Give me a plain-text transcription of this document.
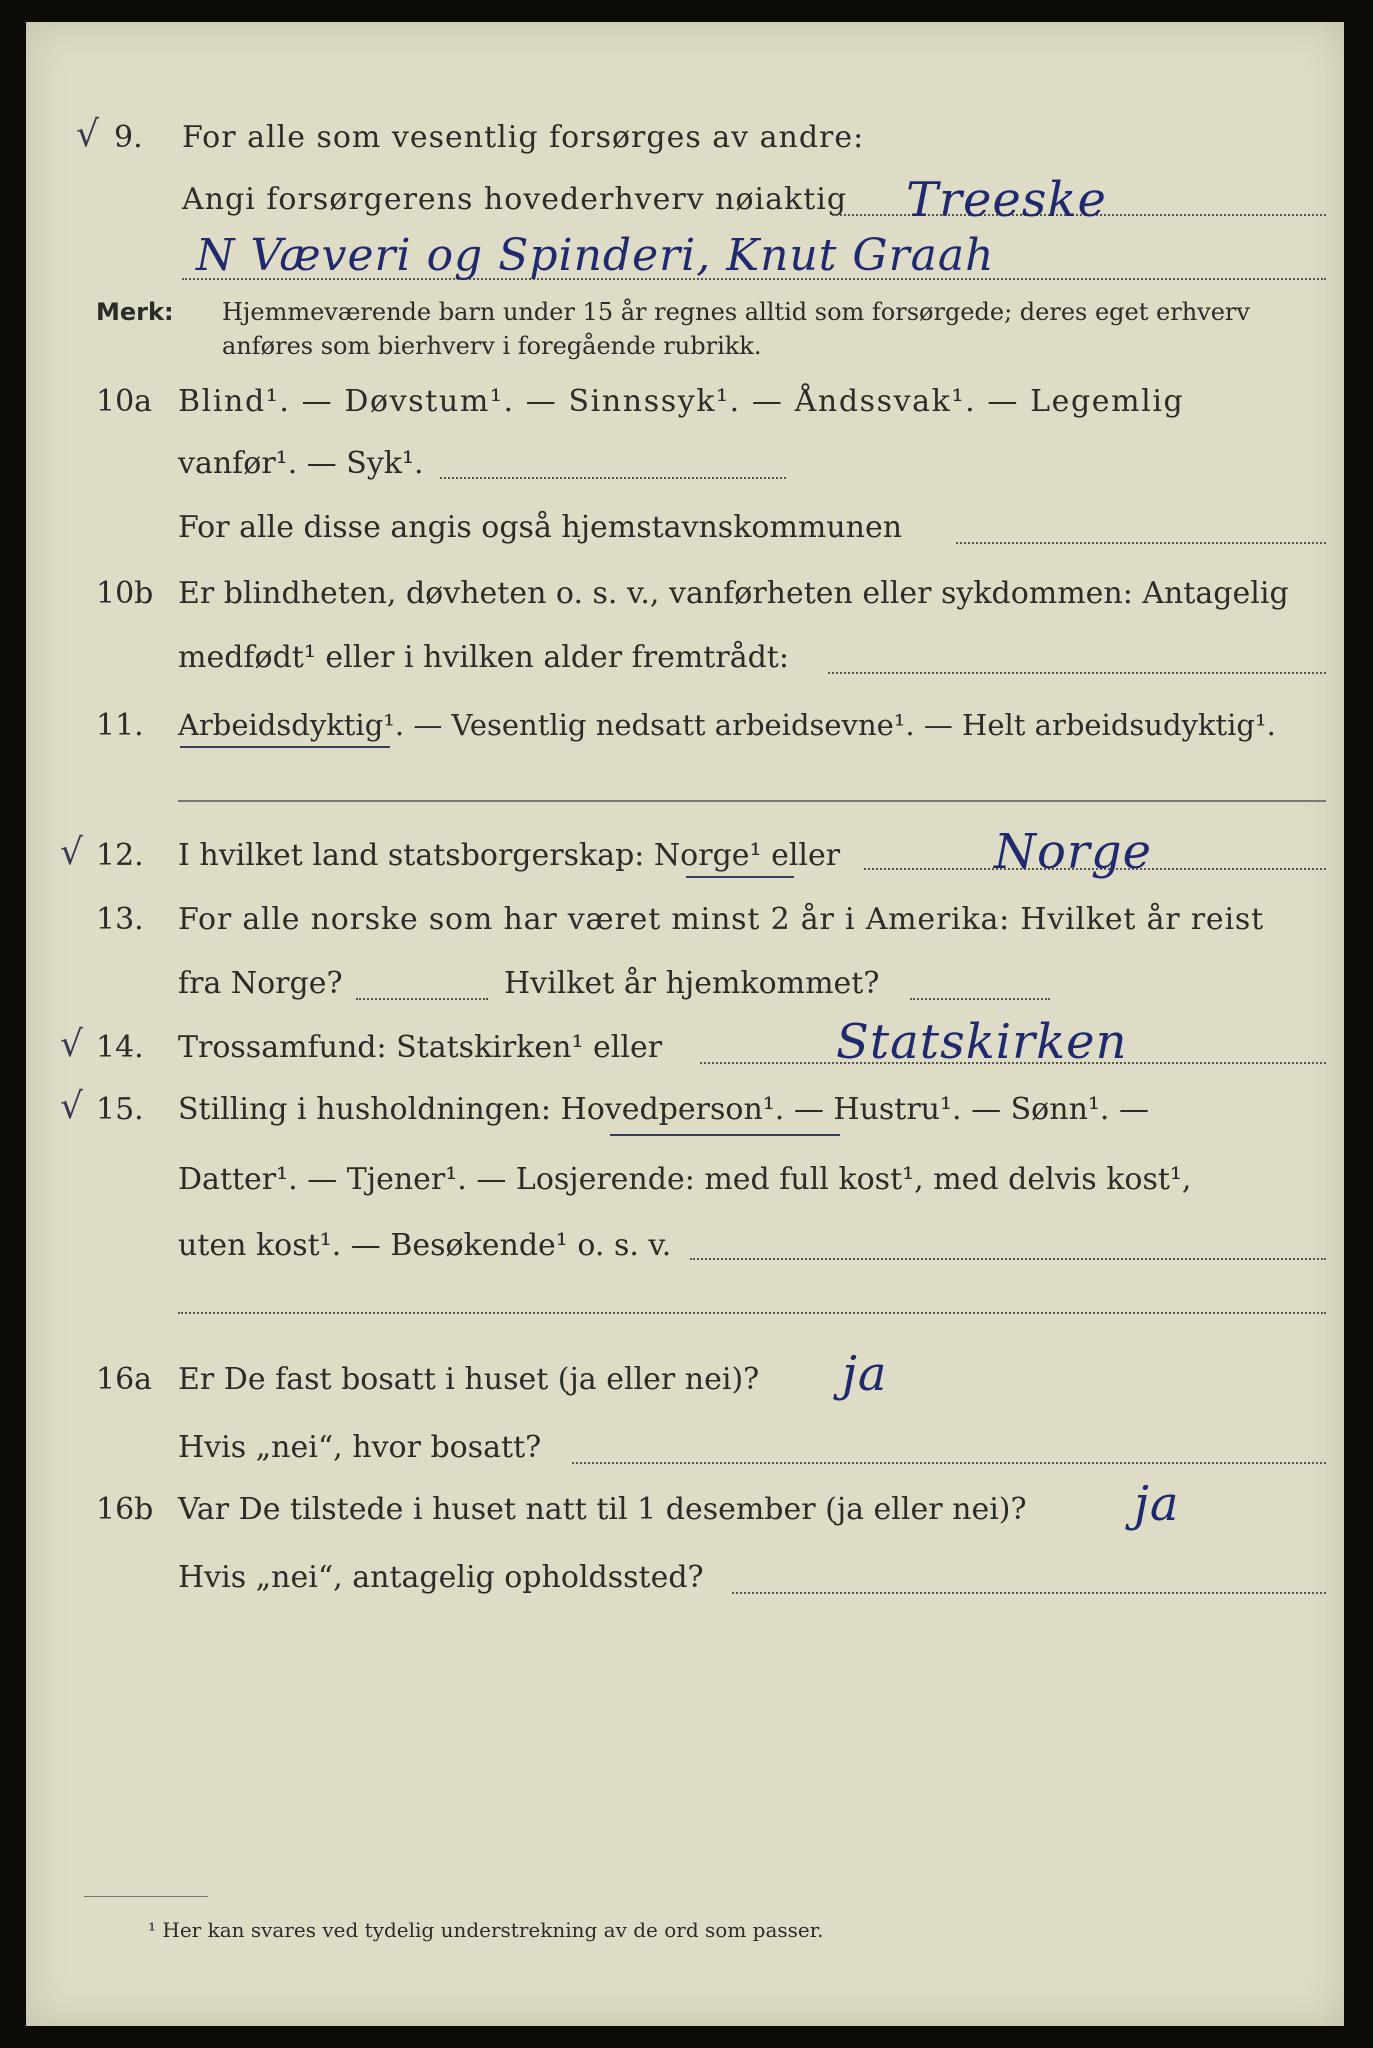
√ 9. For alle som vesentlig forsørges av andre:
Angi forsørgerens hovederhverv nøiaktig Treeske
N Væveri og Spinderi, Knut Graah
Merk: Hjemmeværende barn under 15 år regnes alltid som forsørgede; deres eget erhverv
anføres som bierhverv i foregående rubrikk.
10a Blind¹. — Døvstum¹. — Sinnssyk¹. — Åndssvak¹. — Legemlig
vanfør¹. — Syk¹.
For alle disse angis også hjemstavnskommunen
10b Er blindheten, døvheten o. s. v., vanførheten eller sykdommen: Antagelig
medfødt¹ eller i hvilken alder fremtrådt:
11. Arbeidsdyktig¹. — Vesentlig nedsatt arbeidsevne¹. — Helt arbeidsudyktig¹.
√ 12. I hvilket land statsborgerskap: Norge¹ eller	Norge
13. For alle norske som har været minst 2 år i Amerika: Hvilket år reist
fra Norge?	Hvilket år hjemkommet?
√ 14. Trossamfund: Statskirken¹ eller	Statskirken
√ 15. Stilling i husholdningen: Hovedperson¹. — Hustru¹. — Sønn¹. —
Datter¹. — Tjener¹. — Losjerende: med full kost¹, med delvis kost¹,
uten kost¹. — Besøkende¹ o. s. v.
16a Er De fast bosatt i huset (ja eller nei)? ja
Hvis „nei“, hvor bosatt?
16b Var De tilstede i huset natt til 1 desember (ja eller nei)? ja
Hvis „nei“, antagelig opholdssted?
¹ Her kan svares ved tydelig understrekning av de ord som passer.
